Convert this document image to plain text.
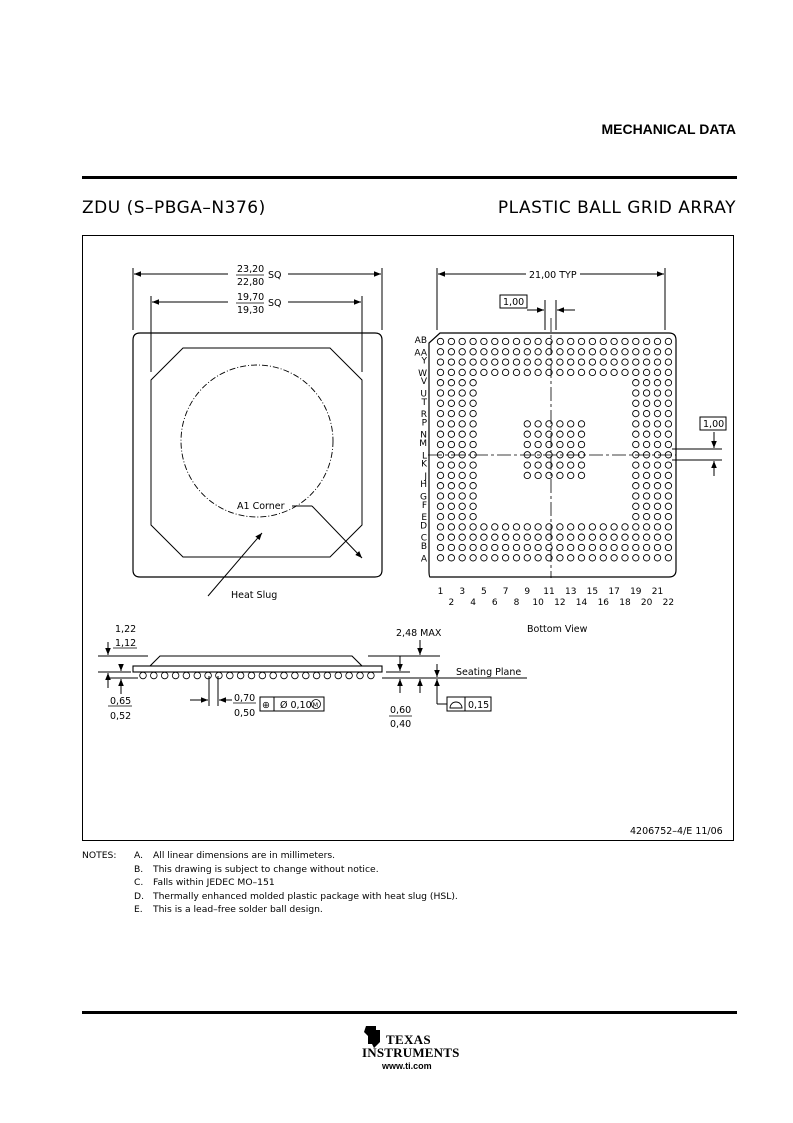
MECHANICAL DATA
ZDU (S–PBGA–N376)	PLASTIC BALL GRID ARRAY
23,20
22,80
SQ
19,70
19,30
SQ
A1 Corner
Heat Slug
21,00 TYP
1,00
1,00
AB
AA
Y
W
V
U
T
R
P
N
M
L
K
J
H
G
F
E
D
C
B
A
1 3 5 7 9 11 13 15 17 19 21
2 4 6 8 10 12 14 16 18 20 22
Bottom View
1,22
1,12
0,65
0,52
0,70
0,50
⊕ Ø 0,10 M
2,48 MAX
Seating Plane
0,60
0,40
0,15
4206752–4/E 11/06
NOTES:	A.	All linear dimensions are in millimeters.
B.	This drawing is subject to change without notice.
C.	Falls within JEDEC MO–151
D. Thermally enhanced molded plastic package with heat slug (HSL).
E.	This is a lead–free solder ball design.
TEXAS
INSTRUMENTS
www.ti.com
